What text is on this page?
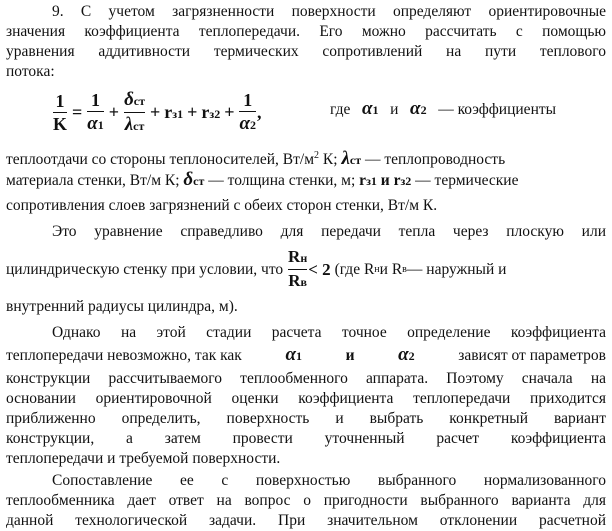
9. С учетом загрязненности поверхности определяют ориентировочные
значения коэффициента теплопередачи. Его можно рассчитать с помощью
уравнения аддитивности термических сопротивлений на пути теплового
потока:
$\frac{1}{K} = \frac{1}{\alpha 1} + \frac{\text{δст}}{\text{λст}} + rз1 + rз2 + \frac{1}{\alpha 2}$ ,	где α1 и α2 — коэффициенты
теплоотдачи со стороны теплоносителей, $Вт/м^2$ К; λст — теплопроводность
материала стенки, Вт/м К; δст — толщина стенки, м; rз1 и rз2 — термические
сопротивления слоев загрязнений с обеих сторон стенки, Вт/м К.
Это уравнение справедливо для передачи тепла через плоскую или
цилиндрическую стенку при условии, что
$\frac{Rн}{Rв} < 2$
(где R н и R в — наружный и
внутренний радиусы цилиндра, м).
Однако на этой стадии расчета точное определение коэффициента
теплопередачи невозможно, так как α1	и α2	зависят от параметров
конструкции рассчитываемого теплообменного аппарата. Поэтому сначала на
основании ориентировочной оценки коэффициента теплопередачи приходится
приближенно определить, поверхность и выбрать конкретный вариант
конструкции, а затем провести уточненный расчет коэффициента
теплопередачи и требуемой поверхности.
Сопоставление ее с поверхностью выбранного нормализованного
теплообменника дает ответ на вопрос о пригодности выбранного варианта для
данной технологической задачи. При значительном отклонении расчетной
